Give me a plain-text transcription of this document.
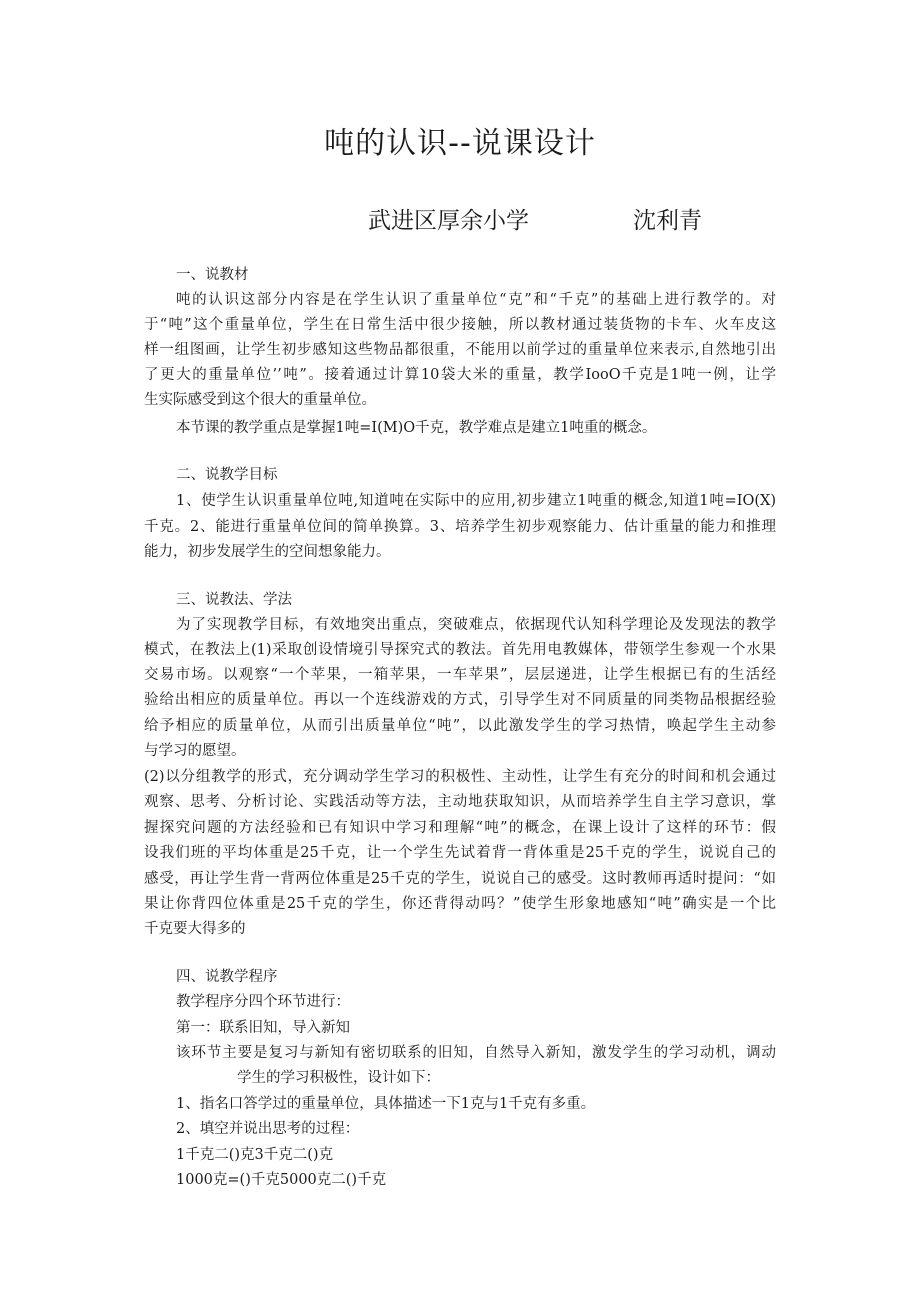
吨的认识--说课设计
武进区厚余小学	沈利青
一、说教材
吨的认识这部分内容是在学生认识了重量单位“克”和“千克”的基础上进行教学的。对
于“吨”这个重量单位，学生在日常生活中很少接触，所以教材通过装货物的卡车、火车皮这
样一组图画，让学生初步感知这些物品都很重，不能用以前学过的重量单位来表示,自然地引出
了更大的重量单位’’吨”。接着通过计算10袋大米的重量，教学IooO千克是1吨一例，让学
生实际感受到这个很大的重量单位。
本节课的教学重点是掌握1吨=I(M)O千克，教学难点是建立1吨重的概念。
二、说教学目标
1、使学生认识重量单位吨,知道吨在实际中的应用,初步建立1吨重的概念,知道1吨=IO(X)
千克。2、能进行重量单位间的简单换算。3、培养学生初步观察能力、估计重量的能力和推理
能力，初步发展学生的空间想象能力。
三、说教法、学法
为了实现教学目标，有效地突出重点，突破难点，依据现代认知科学理论及发现法的教学
模式，在教法上(1)采取创设情境引导探究式的教法。首先用电教媒体，带领学生参观一个水果
交易市场。以观察“一个苹果，一箱苹果，一车苹果”，层层递进，让学生根据已有的生活经
验给出相应的质量单位。再以一个连线游戏的方式，引导学生对不同质量的同类物品根据经验
给予相应的质量单位，从而引出质量单位“吨”，以此激发学生的学习热情，唤起学生主动参
与学习的愿望。
(2)以分组教学的形式，充分调动学生学习的积极性、主动性，让学生有充分的时间和机会通过
观察、思考、分析讨论、实践活动等方法，主动地获取知识，从而培养学生自主学习意识，掌
握探究问题的方法经验和已有知识中学习和理解“吨”的概念，在课上设计了这样的环节：假
设我们班的平均体重是25千克，让一个学生先试着背一背体重是25千克的学生，说说自己的
感受，再让学生背一背两位体重是25千克的学生，说说自己的感受。这时教师再适时提问：“如
果让你背四位体重是25千克的学生，你还背得动吗？”使学生形象地感知“吨”确实是一个比
千克要大得多的
四、说教学程序
教学程序分四个环节进行：
第一：联系旧知，导入新知
该环节主要是复习与新知有密切联系的旧知，自然导入新知，激发学生的学习动机，调动
学生的学习积极性，设计如下：
1、指名口答学过的重量单位，具体描述一下1克与1千克有多重。
2、填空并说出思考的过程：
1千克二()克3千克二()克
1000克=()千克5000克二()千克
